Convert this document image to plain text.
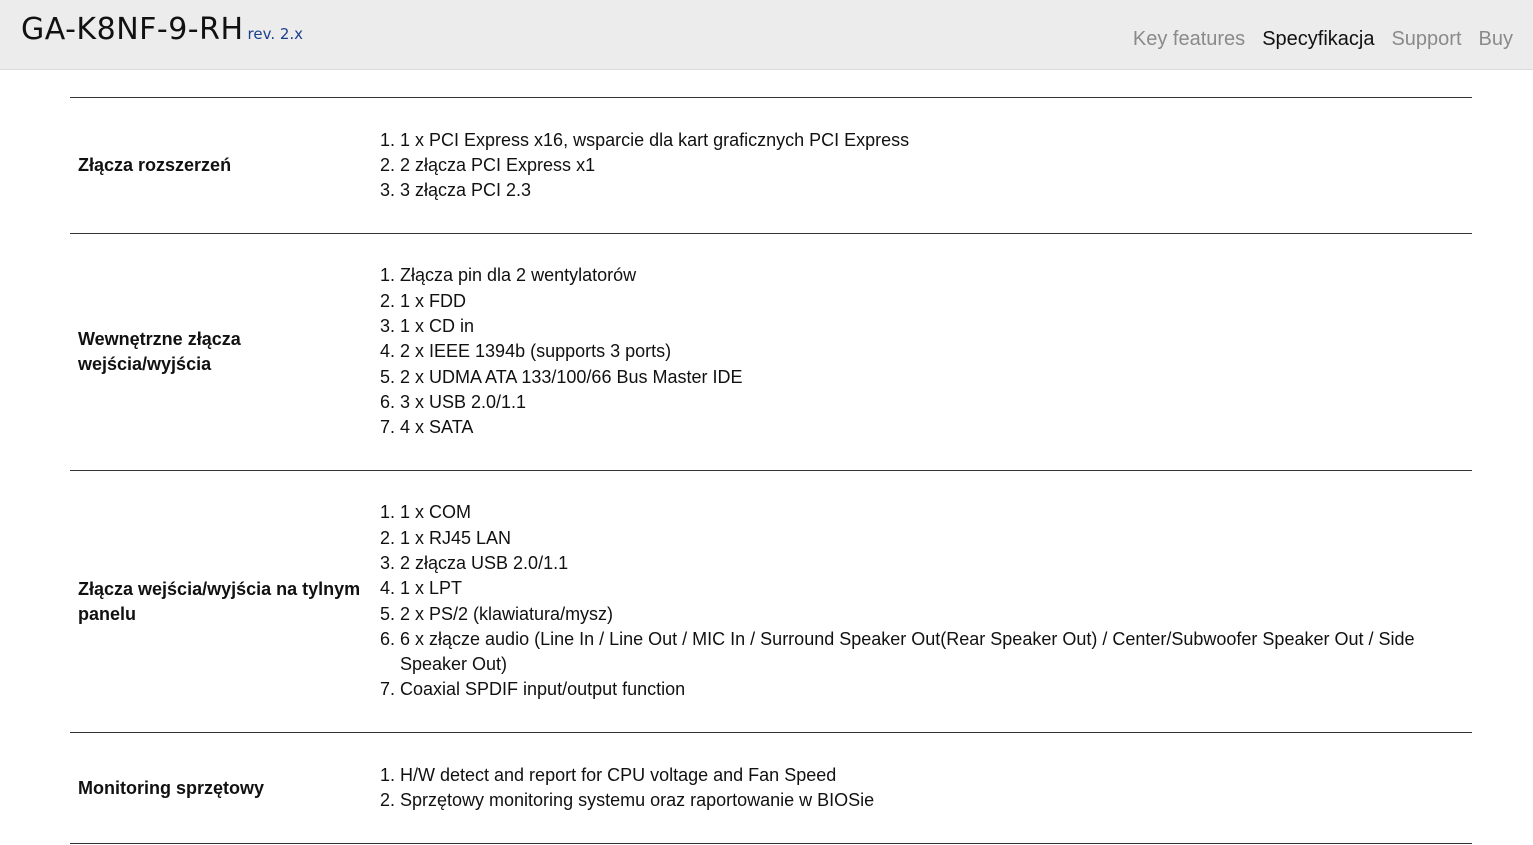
GA-K8NF-9-RH rev. 2.x	Key features Specyfikacja Support Buy
Złącza rozszerzeń
1. 1 x PCI Express x16, wsparcie dla kart graficznych PCI Express
2. 2 złącza PCI Express x1
3. 3 złącza PCI 2.3
Wewnętrzne złącza wejścia/wyjścia
1. Złącza pin dla 2 wentylatorów
2. 1 x FDD
3. 1 x CD in
4. 2 x IEEE 1394b (supports 3 ports)
5. 2 x UDMA ATA 133/100/66 Bus Master IDE
6. 3 x USB 2.0/1.1
7. 4 x SATA
Złącza wejścia/wyjścia na tylnym panelu
1. 1 x COM
2. 1 x RJ45 LAN
3. 2 złącza USB 2.0/1.1
4. 1 x LPT
5. 2 x PS/2 (klawiatura/mysz)
6. 6 x złącze audio (Line In / Line Out / MIC In / Surround Speaker Out(Rear Speaker Out) / Center/Subwoofer Speaker Out / Side Speaker Out)
7. Coaxial SPDIF input/output function
Monitoring sprzętowy
1. H/W detect and report for CPU voltage and Fan Speed
2. Sprzętowy monitoring systemu oraz raportowanie w BIOSie
